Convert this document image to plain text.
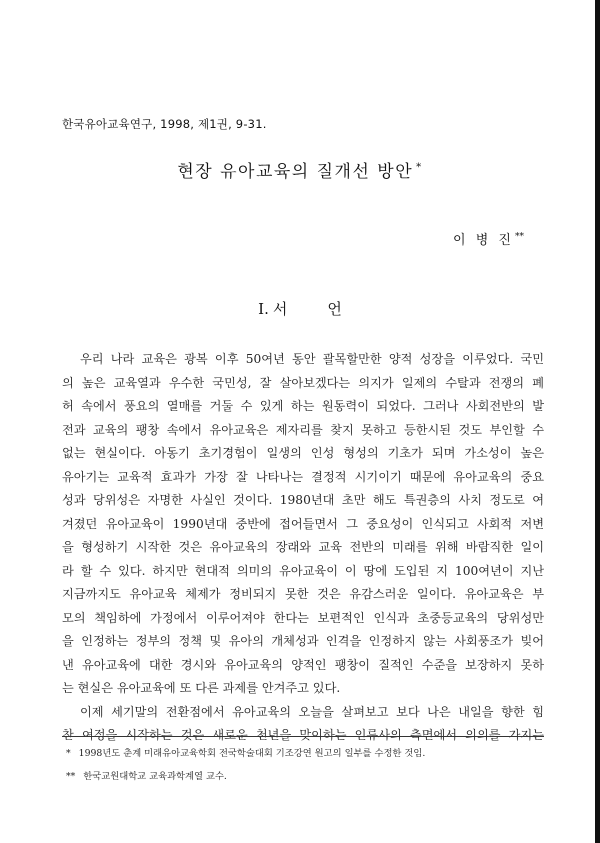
한국유아교육연구, 1998, 제1권, 9-31.
현장 유아교육의 질개선 방안 *
이 병 진**
I. 서	언
우리 나라 교육은 광복 이후 50여년 동안 괄목할만한 양적 성장을 이루었다. 국민
의 높은 교육열과 우수한 국민성, 잘 살아보겠다는 의지가 일제의 수탈과 전쟁의 폐
허 속에서 풍요의 열매를 거둘 수 있게 하는 원동력이 되었다. 그러나 사회전반의 발
전과 교육의 팽창 속에서 유아교육은 제자리를 찾지 못하고 등한시된 것도 부인할 수
없는 현실이다. 아동기 초기경험이 일생의 인성 형성의 기초가 되며 가소성이 높은
유아기는 교육적 효과가 가장 잘 나타나는 결정적 시기이기 때문에 유아교육의 중요
성과 당위성은 자명한 사실인 것이다. 1980년대 초만 해도 특권층의 사치 정도로 여
겨졌던 유아교육이 1990년대 중반에 접어들면서 그 중요성이 인식되고 사회적 저변
을 형성하기 시작한 것은 유아교육의 장래와 교육 전반의 미래를 위해 바람직한 일이
라 할 수 있다. 하지만 현대적 의미의 유아교육이 이 땅에 도입된 지 100여년이 지난
지금까지도 유아교육 체제가 정비되지 못한 것은 유감스러운 일이다. 유아교육은 부
모의 책임하에 가정에서 이루어져야 한다는 보편적인 인식과 초중등교육의 당위성만
을 인정하는 정부의 정책 및 유아의 개체성과 인격을 인정하지 않는 사회풍조가 빚어
낸 유아교육에 대한 경시와 유아교육의 양적인 팽창이 질적인 수준을 보장하지 못하
는 현실은 유아교육에 또 다른 과제를 안겨주고 있다.
이제 세기말의 전환점에서 유아교육의 오늘을 살펴보고 보다 나은 내일을 향한 힘
찬 여정을 시작하는 것은 새로운 천년을 맞이하는 인류사의 측면에서 의의를 가지는
* 1998년도 춘계 미래유아교육학회 전국학술대회 기조강연 원고의 일부를 수정한 것임.
** 한국교원대학교 교육과학계열 교수.
